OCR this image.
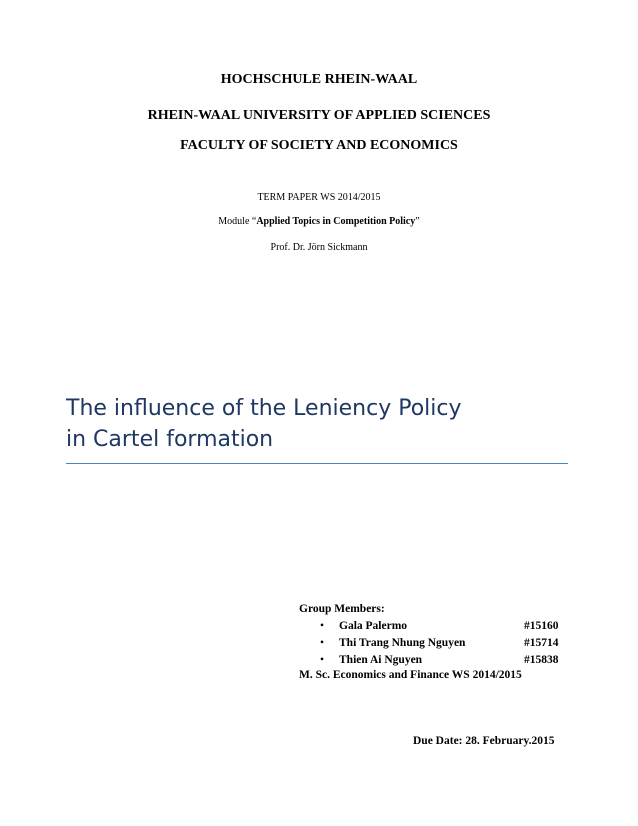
HOCHSCHULE RHEIN-WAAL
RHEIN-WAAL UNIVERSITY OF APPLIED SCIENCES
FACULTY OF SOCIETY AND ECONOMICS
TERM PAPER WS 2014/2015
Module “Applied Topics in Competition Policy”
Prof. Dr. Jörn Sickmann
The influence of the Leniency Policy
in Cartel formation
Group Members:
• Gala Palermo	#15160
• Thi Trang Nhung Nguyen	#15714
• Thien Ai Nguyen	#15838
M. Sc. Economics and Finance WS 2014/2015
Due Date: 28. February.2015
